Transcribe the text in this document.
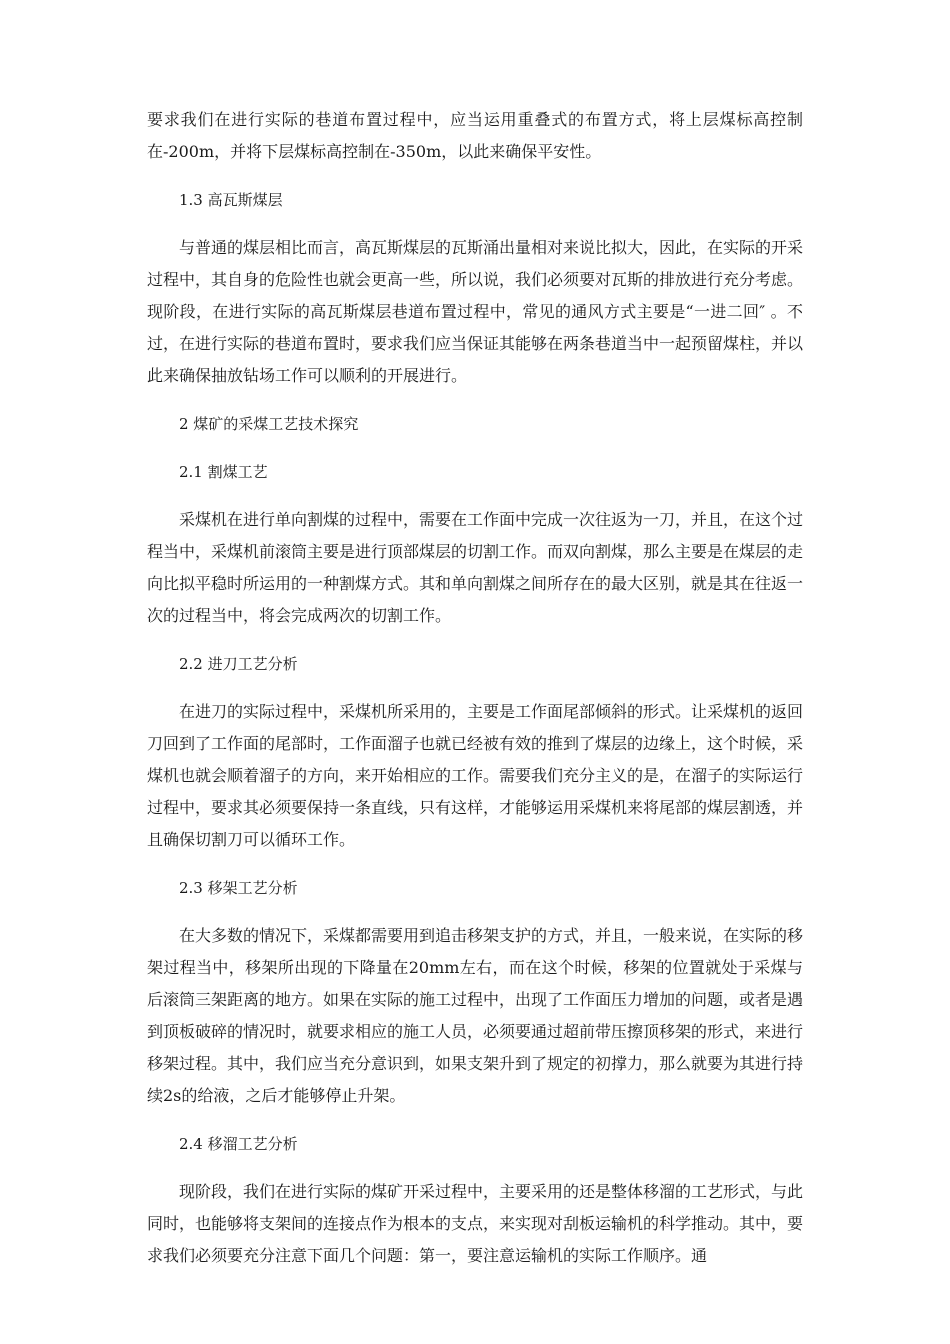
要求我们在进行实际的巷道布置过程中，应当运用重叠式的布置方式，将上层煤标高控制在-200m，并将下层煤标高控制在-350m，以此来确保平安性。

1.3 高瓦斯煤层

与普通的煤层相比而言，高瓦斯煤层的瓦斯涌出量相对来说比拟大，因此，在实际的开采过程中，其自身的危险性也就会更高一些，所以说，我们必须要对瓦斯的排放进行充分考虑。现阶段，在进行实际的高瓦斯煤层巷道布置过程中，常见的通风方式主要是“一进二回″ 。不过，在进行实际的巷道布置时，要求我们应当保证其能够在两条巷道当中一起预留煤柱，并以此来确保抽放钻场工作可以顺利的开展进行。

2 煤矿的采煤工艺技术探究

2.1 割煤工艺

采煤机在进行单向割煤的过程中，需要在工作面中完成一次往返为一刀，并且，在这个过程当中，采煤机前滚筒主要是进行顶部煤层的切割工作。而双向割煤，那么主要是在煤层的走向比拟平稳时所运用的一种割煤方式。其和单向割煤之间所存在的最大区别，就是其在往返一次的过程当中，将会完成两次的切割工作。

2.2 进刀工艺分析

在进刀的实际过程中，采煤机所采用的，主要是工作面尾部倾斜的形式。让采煤机的返回刀回到了工作面的尾部时，工作面溜子也就已经被有效的推到了煤层的边缘上，这个时候，采煤机也就会顺着溜子的方向，来开始相应的工作。需要我们充分主义的是，在溜子的实际运行过程中，要求其必须要保持一条直线，只有这样，才能够运用采煤机来将尾部的煤层割透，并且确保切割刀可以循环工作。

2.3 移架工艺分析

在大多数的情况下，采煤都需要用到追击移架支护的方式，并且，一般来说，在实际的移架过程当中，移架所出现的下降量在20mm左右，而在这个时候，移架的位置就处于采煤与后滚筒三架距离的地方。如果在实际的施工过程中，出现了工作面压力增加的问题，或者是遇到顶板破碎的情况时，就要求相应的施工人员，必须要通过超前带压擦顶移架的形式，来进行移架过程。其中，我们应当充分意识到，如果支架升到了规定的初撑力，那么就要为其进行持续2s的给液，之后才能够停止升架。

2.4 移溜工艺分析

现阶段，我们在进行实际的煤矿开采过程中，主要采用的还是整体移溜的工艺形式，与此同时，也能够将支架间的连接点作为根本的支点，来实现对刮板运输机的科学推动。其中，要求我们必须要充分注意下面几个问题：第一，要注意运输机的实际工作顺序。通
